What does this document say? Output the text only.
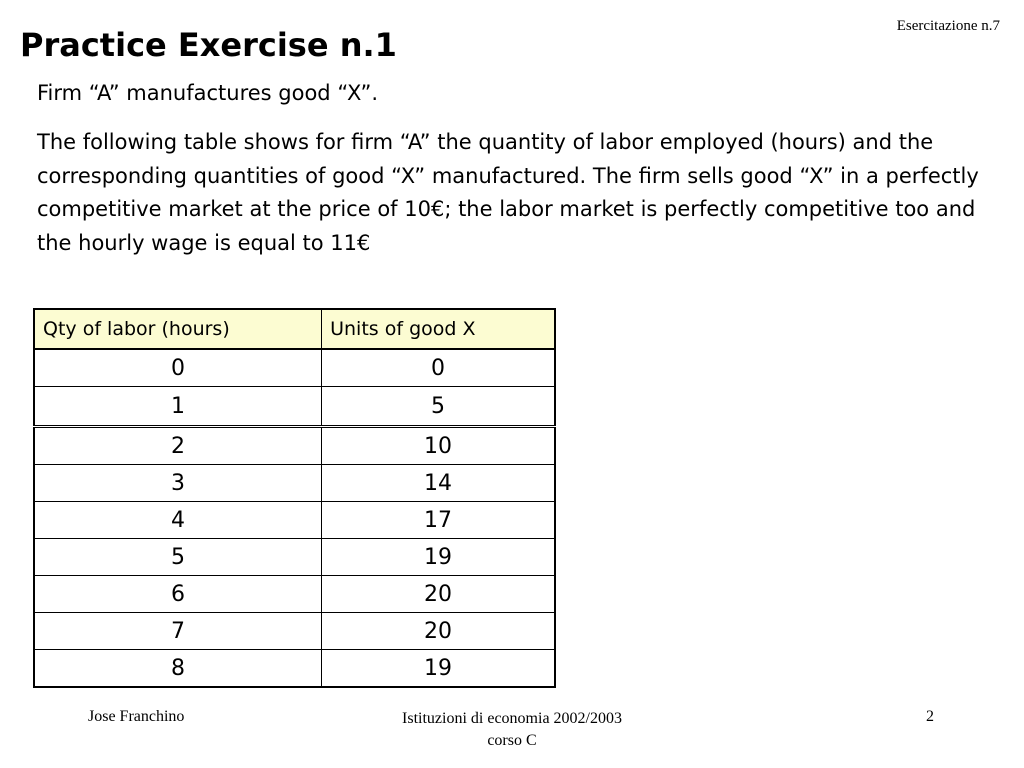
Esercitazione n.7
Practice Exercise n.1

Firm “A” manufactures good “X”.

The following table shows for firm “A” the quantity of labor employed (hours) and the corresponding quantities of good “X” manufactured. The firm sells good “X” in a perfectly competitive market at the price of 10€; the labor market is perfectly competitive too and the hourly wage is equal to 11€

Qty of labor (hours)	Units of good X
0	0
1	5
2	10
3	14
4	17
5	19
6	20
7	20
8	19
Jose Franchino	Istituzioni di economia 2002/2003
corso C
2
